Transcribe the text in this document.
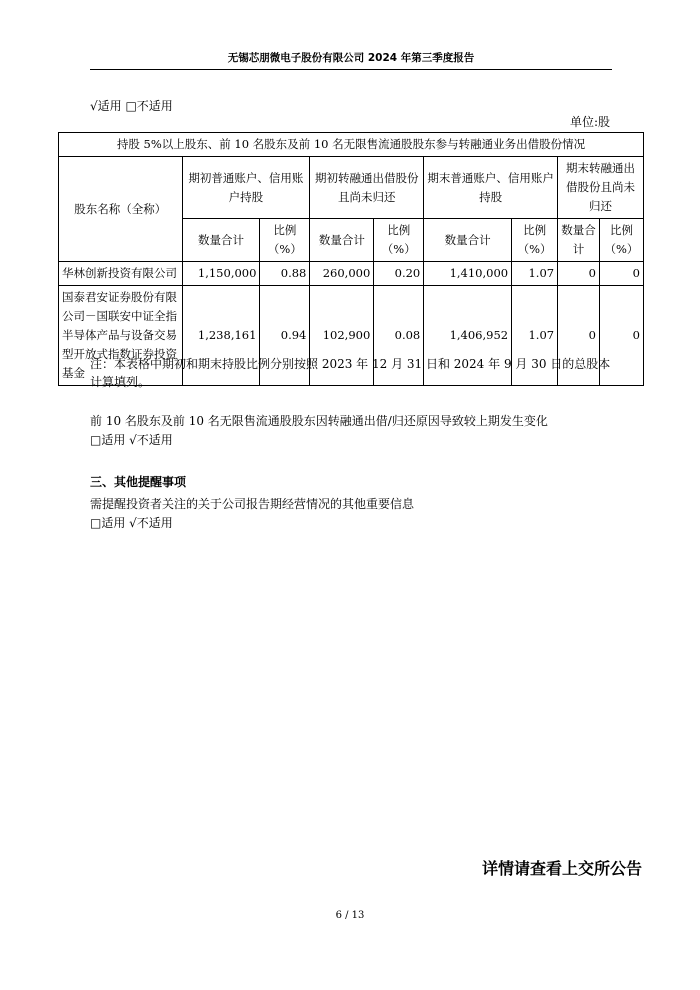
无锡芯朋微电子股份有限公司 2024 年第三季度报告
√适用 □不适用
单位:股
持股 5%以上股东、前 10 名股东及前 10 名无限售流通股股东参与转融通业务出借股份情况								
股东名称（全称）	期初普通账户、信用账户持股		期初转融通出借股份且尚未归还		期末普通账户、信用账户持股		期末转融通出借股份且尚未归还	
	数量合计	比例（%）	数量合计	比例（%）	数量合计	比例（%）	数量合计	比例（%）
华林创新投资有限公司	1,150,000	0.88	260,000	0.20	1,410,000	1.07	0	0
国泰君安证券股份有限公司－国联安中证全指半导体产品与设备交易型开放式指数证券投资基金	1,238,161	0.94	102,900	0.08	1,406,952	1.07	0	0
注：本表格中期初和期末持股比例分别按照 2023 年 12 月 31 日和 2024 年 9 月 30 日的总股本计算填列。
前 10 名股东及前 10 名无限售流通股股东因转融通出借/归还原因导致较上期发生变化
□适用 √不适用
三、其他提醒事项
需提醒投资者关注的关于公司报告期经营情况的其他重要信息
□适用 √不适用
详情请查看上交所公告
6 / 13
